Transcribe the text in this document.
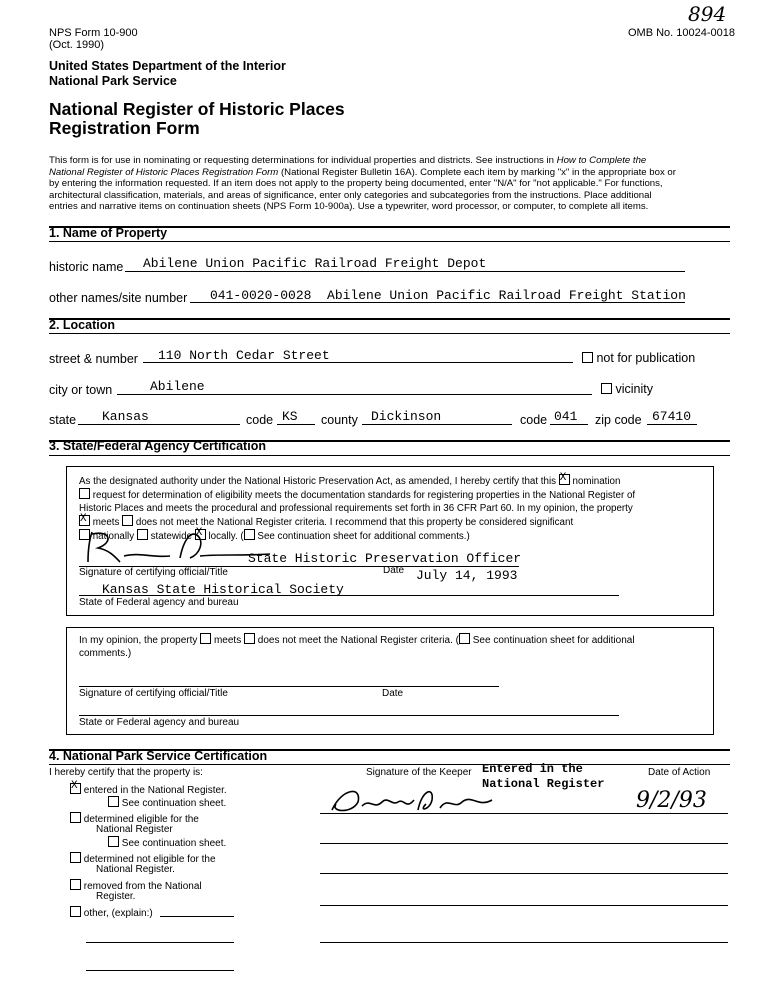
NPS Form 10-900
(Oct. 1990)
OMB No. 10024-0018
894
United States Department of the Interior
National Park Service
National Register of Historic Places
Registration Form
This form is for use in nominating or requesting determinations for individual properties and districts. See instructions in How to Complete the
National Register of Historic Places Registration Form (National Register Bulletin 16A). Complete each item by marking "x" in the appropriate box or
by entering the information requested. If an item does not apply to the property being documented, enter "N/A" for "not applicable." For functions,
architectural classification, materials, and areas of significance, enter only categories and subcategories from the instructions. Place additional
entries and narrative items on continuation sheets (NPS Form 10-900a). Use a typewriter, word processor, or computer, to complete all items.
1. Name of Property
historic name Abilene Union Pacific Railroad Freight Depot
other names/site number 041-0020-0028  Abilene Union Pacific Railroad Freight Station
2. Location
street & number 110 North Cedar Street	not for publication
city or town	Abilene	vicinity
state Kansas	code KS county Dickinson	code 041 zip code 67410
3. State/Federal Agency Certification
As the designated authority under the National Historic Preservation Act, as amended, I hereby certify that this X nomination
request for determination of eligibility meets the documentation standards for registering properties in the National Register of
Historic Places and meets the procedural and professional requirements set forth in 36 CFR Part 60. In my opinion, the property
X meets does not meet the National Register criteria. I recommend that this property be considered significant
nationally statewide X locally. ( See continuation sheet for additional comments.)
State Historic Preservation Officer
Signature of certifying official/Title	Date July 14, 1993
Kansas State Historical Society
State of Federal agency and bureau
In my opinion, the property meets does not meet the National Register criteria. ( See continuation sheet for additional
comments.)
Signature of certifying official/Title	Date
State or Federal agency and bureau
4. National Park Service Certification
I hereby certify that the property is:	Signature of the Keeper	Date of Action
Entered in the
National Register
9/2/93
X entered in the National Register.
See continuation sheet.
determined eligible for the
National Register
See continuation sheet.
determined not eligible for the
National Register.
removed from the National
Register.
other, (explain:)
